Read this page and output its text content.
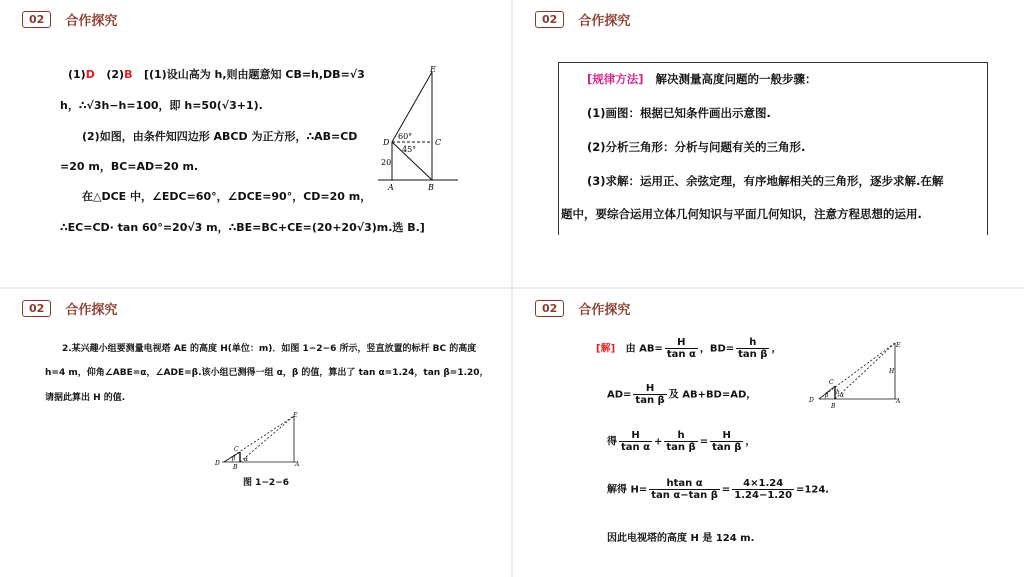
02	合作探究
(1)D (2)B [(1)设山高为 h,则由题意知 CB=h,DB=√3
h，∴√3h−h=100，即 h=50(√3+1).
(2)如图，由条件知四边形 ABCD 为正方形，∴AB=CD
=20 m，BC=AD=20 m.
在△DCE 中，∠EDC=60°，∠DCE=90°，CD=20 m，
∴EC=CD· tan 60°=20√3 m，∴BE=BC+CE=(20+20√3)m.选 B.]
E
C
D
A	B
60°
45°
20
02	合作探究
[规律方法] 解决测量高度问题的一般步骤：
(1)画图：根据已知条件画出示意图.
(2)分析三角形：分析与问题有关的三角形.
(3)求解：运用正、余弦定理，有序地解相关的三角形，逐步求解.在解
题中，要综合运用立体几何知识与平面几何知识，注意方程思想的运用.
02	合作探究
2.某兴趣小组要测量电视塔 AE 的高度 H(单位：m)．如图 1−2−6 所示，竖直放置的标杆 BC 的高度
h=4 m，仰角∠ABE=α，∠ADE=β.该小组已测得一组 α，β 的值，算出了 tan α=1.24，tan β=1.20，
请据此算出 H 的值.
E
C
D	A
B
β α
图 1−2−6
02	合作探究
[解] 由 $AB= \frac{H}{\text{tan α}}$ ，$BD= \frac{h}{\text{tan β}}$ ，
$AD= \frac{H}{\text{tan β}}$ 及 AB+BD=AD，
得 $\frac{H}{\text{tan α}} + \frac{h}{\text{tan β}} = \frac{H}{\text{tan β}}$ ，
解得 $H= \frac{\text{htan α}}{\text{tan α−tan β}} = \frac{4\times 1.24}{1.24-1.20} =124$.
因此电视塔的高度 H 是 124 m.
E
C
D	A
B
H
h
β α
